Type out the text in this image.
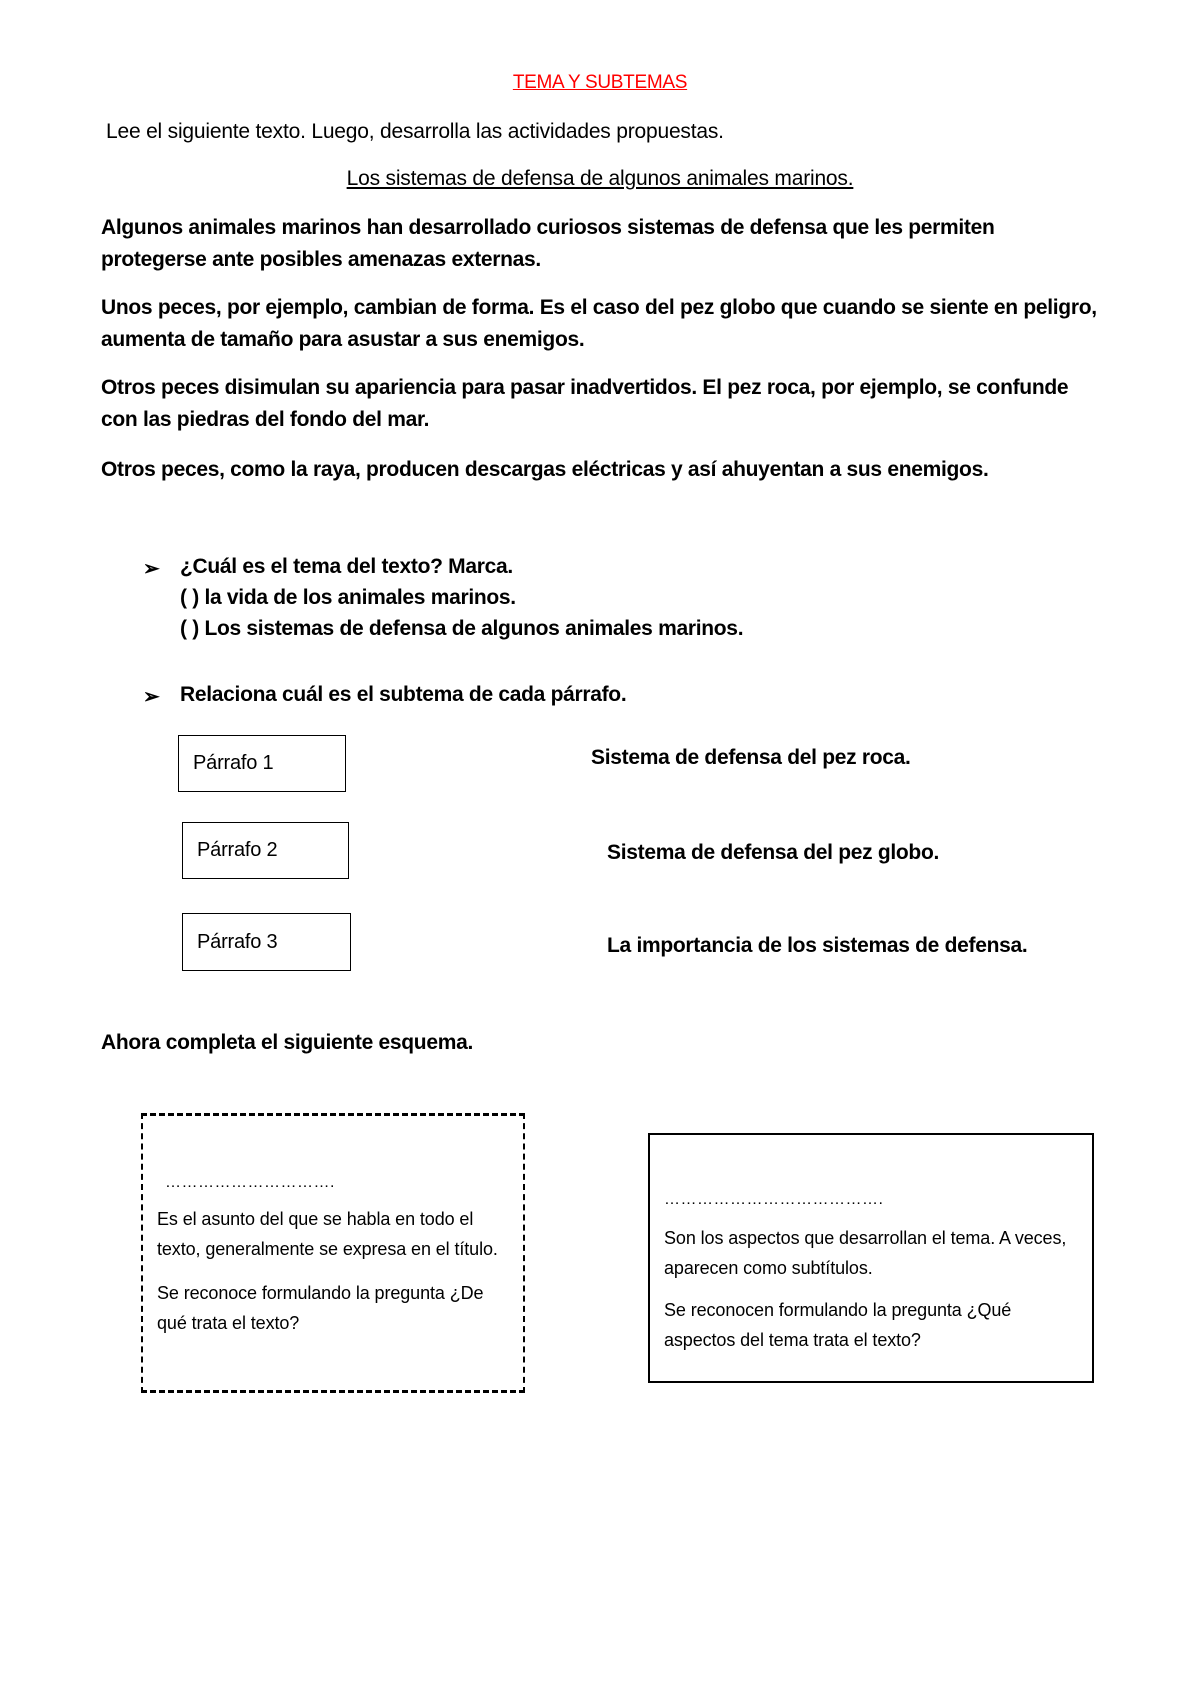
TEMA Y SUBTEMAS
Lee el siguiente texto. Luego, desarrolla las actividades propuestas.
Los sistemas de defensa de algunos animales marinos.
Algunos animales marinos han desarrollado curiosos sistemas de defensa que les permiten protegerse ante posibles amenazas externas.
Unos peces, por ejemplo, cambian de forma. Es el caso del pez globo que cuando se siente en peligro, aumenta de tamaño para asustar a sus enemigos.
Otros peces disimulan su apariencia para pasar inadvertidos. El pez roca, por ejemplo, se confunde con las piedras del fondo del mar.
Otros peces, como la raya, producen descargas eléctricas y así ahuyentan a sus enemigos.
➢ ¿Cuál es el tema del texto? Marca.
( ) la vida de los animales marinos.
( ) Los sistemas de defensa de algunos animales marinos.
➢ Relaciona cuál es el subtema de cada párrafo.
Párrafo 1
Párrafo 2
Párrafo 3
Sistema de defensa del pez roca.
Sistema de defensa del pez globo.
La importancia de los sistemas de defensa.
Ahora completa el siguiente esquema.
………………………….

Es el asunto del que se habla en todo el texto, generalmente se expresa en el título.

Se reconoce formulando la pregunta ¿De qué trata el texto?

………………………………….

Son los aspectos que desarrollan el tema. A veces, aparecen como subtítulos.

Se reconocen formulando la pregunta ¿Qué aspectos del tema trata el texto?
